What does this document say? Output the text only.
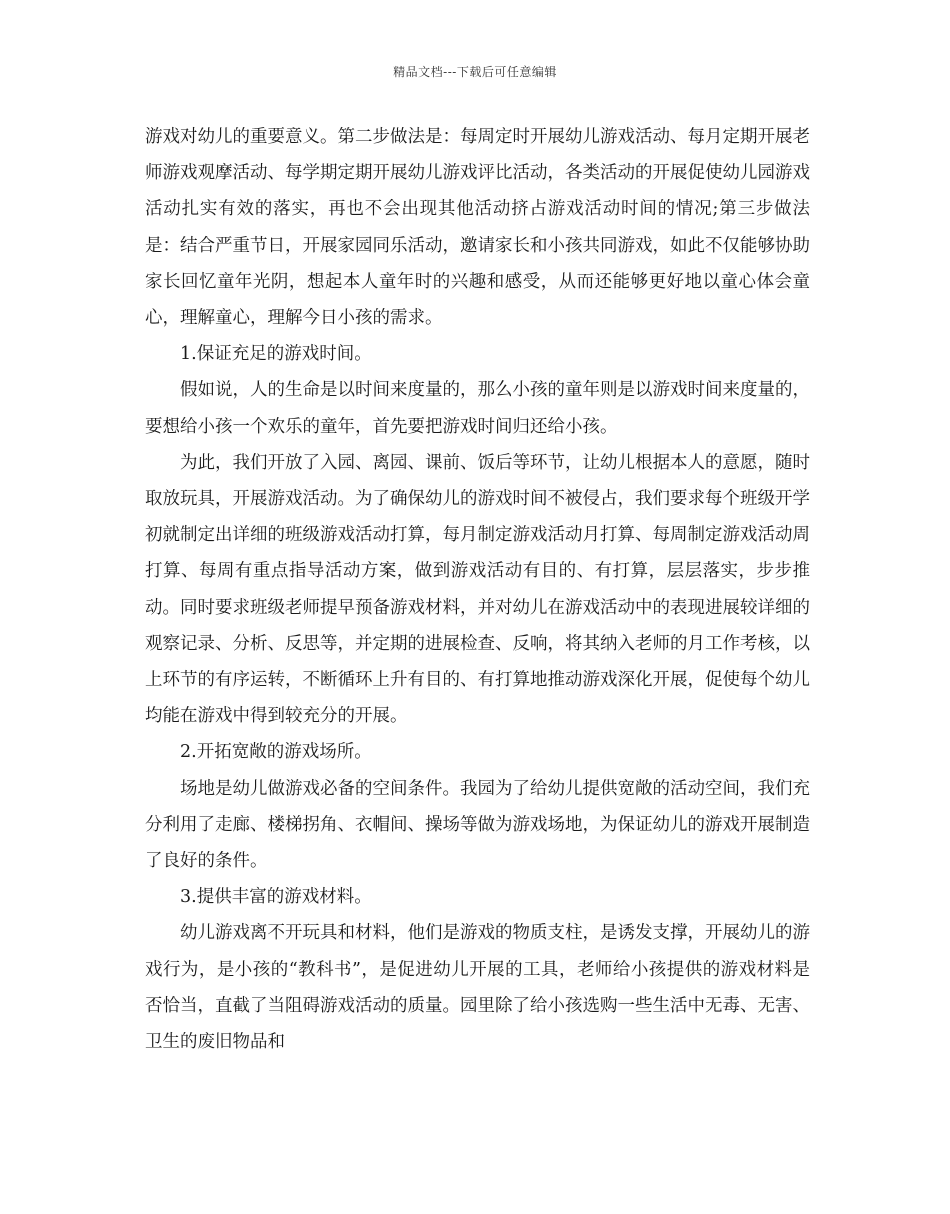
精品文档---下载后可任意编辑

游戏对幼儿的重要意义。第二步做法是：每周定时开展幼儿游戏活动、每月定期开展老师游戏观摩活动、每学期定期开展幼儿游戏评比活动，各类活动的开展促使幼儿园游戏活动扎实有效的落实，再也不会出现其他活动挤占游戏活动时间的情况;第三步做法是：结合严重节日，开展家园同乐活动，邀请家长和小孩共同游戏，如此不仅能够协助家长回忆童年光阴，想起本人童年时的兴趣和感受，从而还能够更好地以童心体会童心，理解童心，理解今日小孩的需求。

1.保证充足的游戏时间。

假如说，人的生命是以时间来度量的，那么小孩的童年则是以游戏时间来度量的，要想给小孩一个欢乐的童年，首先要把游戏时间归还给小孩。

为此，我们开放了入园、离园、课前、饭后等环节，让幼儿根据本人的意愿，随时取放玩具，开展游戏活动。为了确保幼儿的游戏时间不被侵占，我们要求每个班级开学初就制定出详细的班级游戏活动打算，每月制定游戏活动月打算、每周制定游戏活动周打算、每周有重点指导活动方案，做到游戏活动有目的、有打算，层层落实，步步推动。同时要求班级老师提早预备游戏材料，并对幼儿在游戏活动中的表现进展较详细的观察记录、分析、反思等，并定期的进展检查、反响，将其纳入老师的月工作考核，以上环节的有序运转，不断循环上升有目的、有打算地推动游戏深化开展，促使每个幼儿均能在游戏中得到较充分的开展。

2.开拓宽敞的游戏场所。

场地是幼儿做游戏必备的空间条件。我园为了给幼儿提供宽敞的活动空间，我们充分利用了走廊、楼梯拐角、衣帽间、操场等做为游戏场地，为保证幼儿的游戏开展制造了良好的条件。

3.提供丰富的游戏材料。

幼儿游戏离不开玩具和材料，他们是游戏的物质支柱，是诱发支撑，开展幼儿的游戏行为，是小孩的“教科书”，是促进幼儿开展的工具，老师给小孩提供的游戏材料是否恰当，直截了当阻碍游戏活动的质量。园里除了给小孩选购一些生活中无毒、无害、卫生的废旧物品和
